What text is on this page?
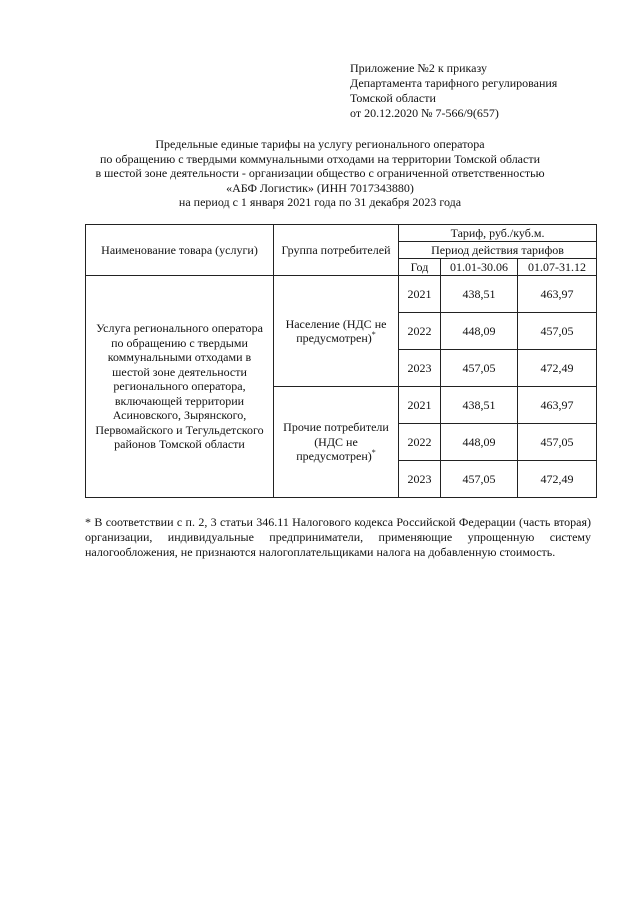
Приложение №2 к приказу
Департамента тарифного регулирования
Томской области
от 20.12.2020 № 7-566/9(657)
Предельные единые тарифы на услугу регионального оператора
по обращению с твердыми коммунальными отходами на территории Томской области
в шестой зоне деятельности - организации общество с ограниченной ответственностью
«АБФ Логистик» (ИНН 7017343880)
на период с 1 января 2021 года по 31 декабря 2023 года
Наименование товара (услуги)	Группа потребителей	Тариф, руб./куб.м.		
		Период действия тарифов		
		Год	01.01-30.06	01.07-31.12
Услуга регионального оператора по обращению с твердыми коммунальными отходами в шестой зоне деятельности регионального оператора, включающей территории Асиновского, Зырянского, Первомайского и Тегульдетского районов Томской области	Население (НДС не предусмотрен)*	2021	438,51	463,97
		2022	448,09	457,05
		2023	457,05	472,49
	Прочие потребители (НДС не предусмотрен)*	2021	438,51	463,97
		2022	448,09	457,05
		2023	457,05	472,49
* В соответствии с п. 2, 3 статьи 346.11 Налогового кодекса Российской Федерации (часть вторая) организации, индивидуальные предприниматели, применяющие упрощенную систему налогообложения, не признаются налогоплательщиками налога на добавленную стоимость.
